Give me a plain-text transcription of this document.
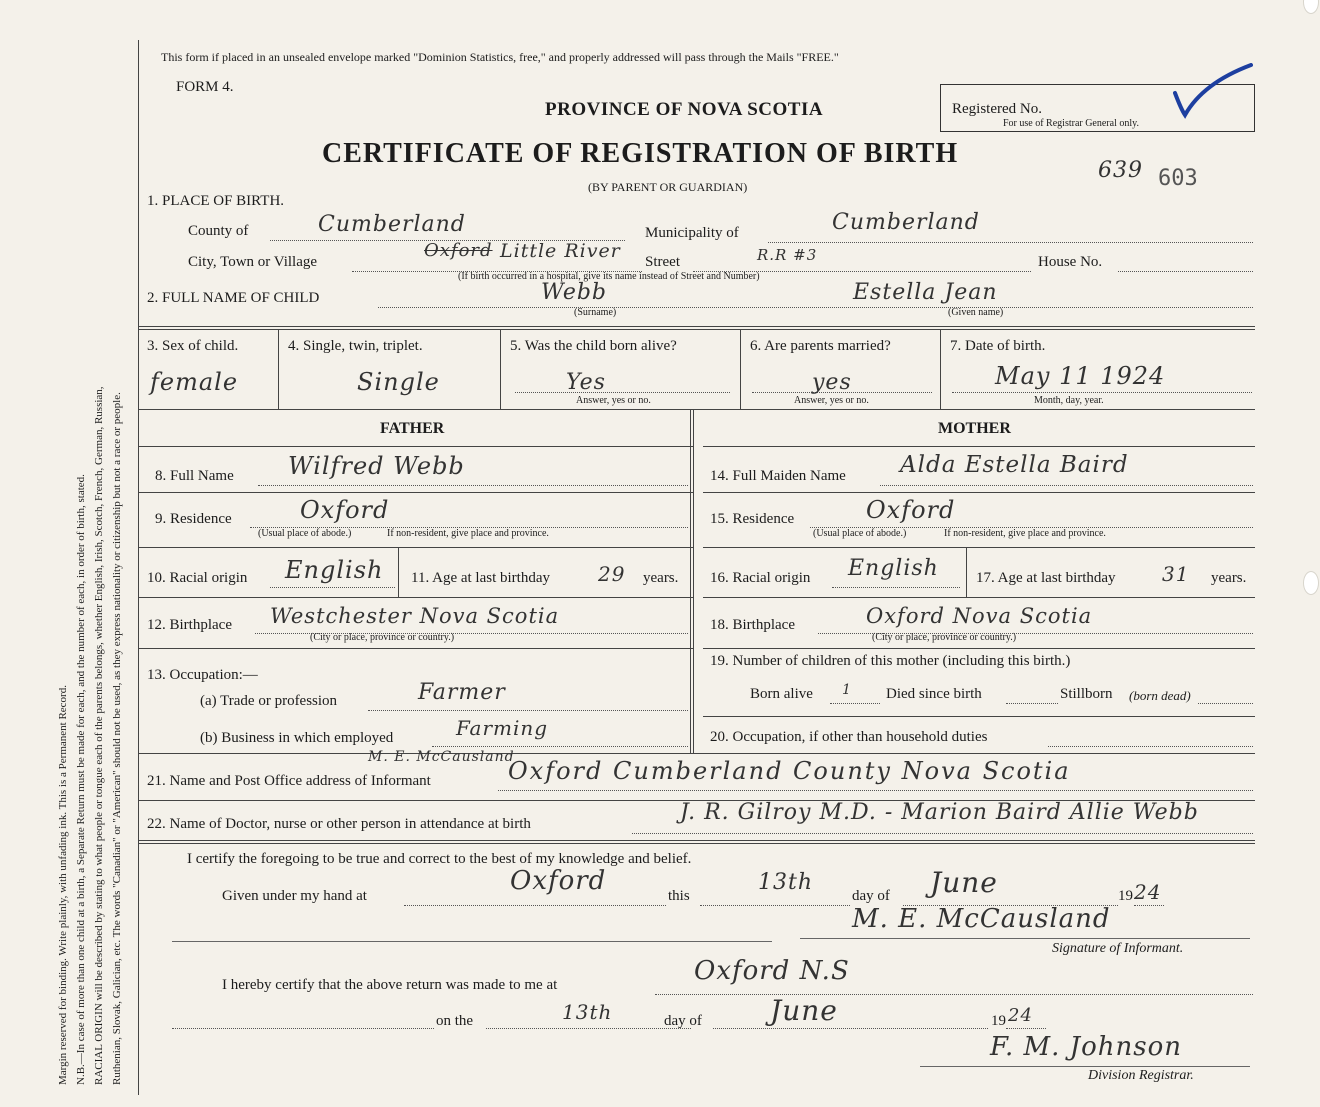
Margin reserved for binding. Write plainly, with unfading ink. This is a Permanent Record. N.B.—In case of more than one child at a birth, a Separate Return must be made for each, and the number of each, in order of birth, stated. RACIAL ORIGIN will be described by stating to what people or tongue each of the parents belongs, whether English, Irish, Scotch, French, German, Russian, Ruthenian, Slovak, Galician, etc. The words "Canadian" or "American" should not be used, as they express nationality or citizenship but not a race or people.
This form if placed in an unsealed envelope marked "Dominion Statistics, free," and properly addressed will pass through the Mails "FREE."
FORM 4.
PROVINCE OF NOVA SCOTIA
CERTIFICATE OF REGISTRATION OF BIRTH
(BY PARENT OR GUARDIAN)
Registered No.
For use of Registrar General only.
639 603
1. PLACE OF BIRTH.
County of	Cumberland	Municipality of	Cumberland
City, Town or Village
Oxford Little River
(If birth occurred in a hospital, give its name instead of Street and Number)
Street	R.R #3	House No.
2. FULL NAME OF CHILD	Webb
(Surname)
Estella Jean
(Given name)
3. Sex of child.
female
4. Single, twin, triplet.
Single
5. Was the child born alive?
Yes
Answer, yes or no.
6. Are parents married?
yes
Answer, yes or no.
7. Date of birth.
May 11 1924
Month, day, year.
FATHER	MOTHER
8. Full Name Wilfred Webb
9. Residence	Oxford
(Usual place of abode.)	If non-resident, give place and province.
10. Racial origin English 11. Age at last birthday 29 years.
12. Birthplace Westchester Nova Scotia
(City or place, province or country.)
13. Occupation:—
(a) Trade or profession	Farmer
(b) Business in which employed	Farming
14. Full Maiden Name Alda Estella Baird
15. Residence	Oxford
(Usual place of abode.)	If non-resident, give place and province.
16. Racial origin English 17. Age at last birthday 31 years.
18. Birthplace	Oxford Nova Scotia
(City or place, province or country.)
19. Number of children of this mother (including this birth.)
Born alive 1 Died since birth	Stillborn (born dead)
20. Occupation, if other than household duties
M. E. McCausland
21. Name and Post Office address of Informant	Oxford Cumberland County Nova Scotia
22. Name of Doctor, nurse or other person in attendance at birth	J. R. Gilroy M.D. - Marion Baird Allie Webb
I certify the foregoing to be true and correct to the best of my knowledge and belief.
Given under my hand at	Oxford	this
13th
day of June	19 24
M. E. McCausland
Signature of Informant.
I hereby certify that the above return was made to me at	Oxford N.S
on the	13th	day of June	19 24
F. M. Johnson
Division Registrar.
